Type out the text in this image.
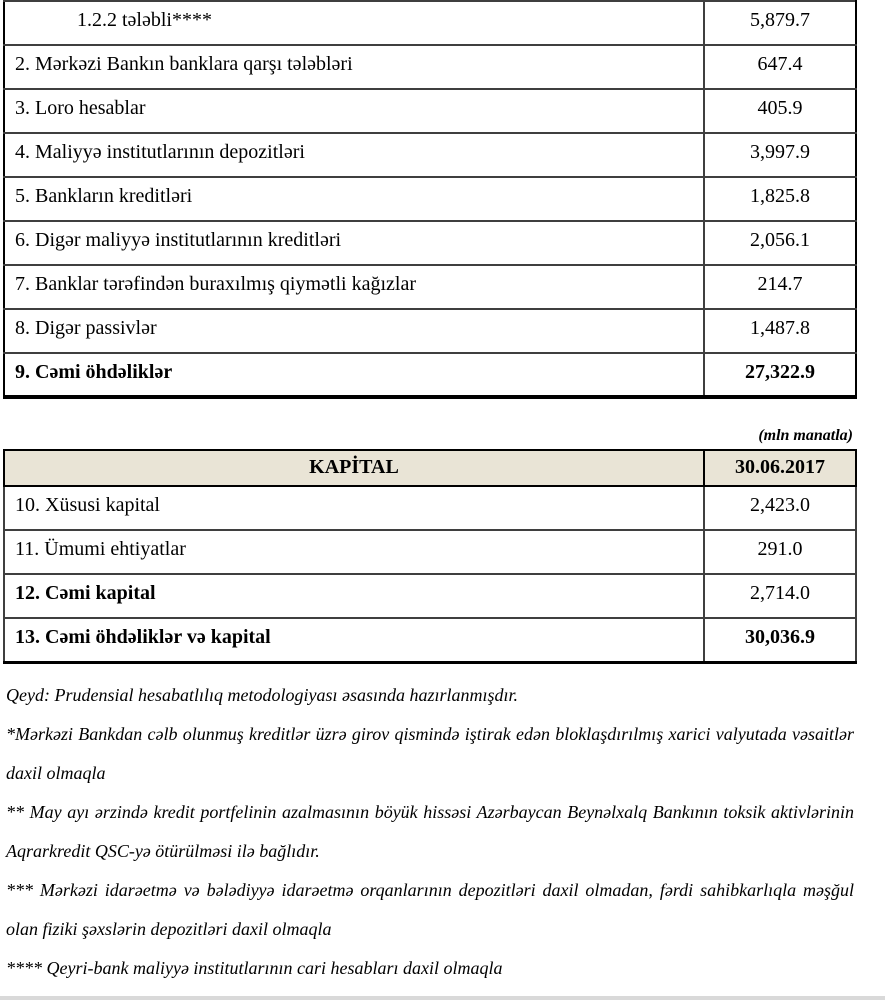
1.2.2 tələbli****	5,879.7
2. Mərkəzi Bankın banklara qarşı tələbləri	647.4
3. Loro hesablar	405.9
4. Maliyyə institutlarının depozitləri	3,997.9
5. Bankların kreditləri	1,825.8
6. Digər maliyyə institutlarının kreditləri	2,056.1
7. Banklar tərəfindən buraxılmış qiymətli kağızlar	214.7
8. Digər passivlər	1,487.8
9. Cəmi öhdəliklər	27,322.9
(mln manatla)
KAPİTAL	30.06.2017
10. Xüsusi kapital	2,423.0
11. Ümumi ehtiyatlar	291.0
12. Cəmi kapital	2,714.0
13. Cəmi öhdəliklər və kapital	30,036.9

Qeyd: Prudensial hesabatlılıq metodologiyası əsasında hazırlanmışdır.

*Mərkəzi Bankdan cəlb olunmuş kreditlər üzrə girov qismində iştirak edən bloklaşdırılmış xarici valyutada vəsaitlər daxil olmaqla

** May ayı ərzində kredit portfelinin azalmasının böyük hissəsi Azərbaycan Beynəlxalq Bankının toksik aktivlərinin Aqrarkredit QSC-yə ötürülməsi ilə bağlıdır.

*** Mərkəzi idarəetmə və bələdiyyə idarəetmə orqanlarının depozitləri daxil olmadan, fərdi sahibkarlıqla məşğul olan fiziki şəxslərin depozitləri daxil olmaqla

**** Qeyri-bank maliyyə institutlarının cari hesabları daxil olmaqla
